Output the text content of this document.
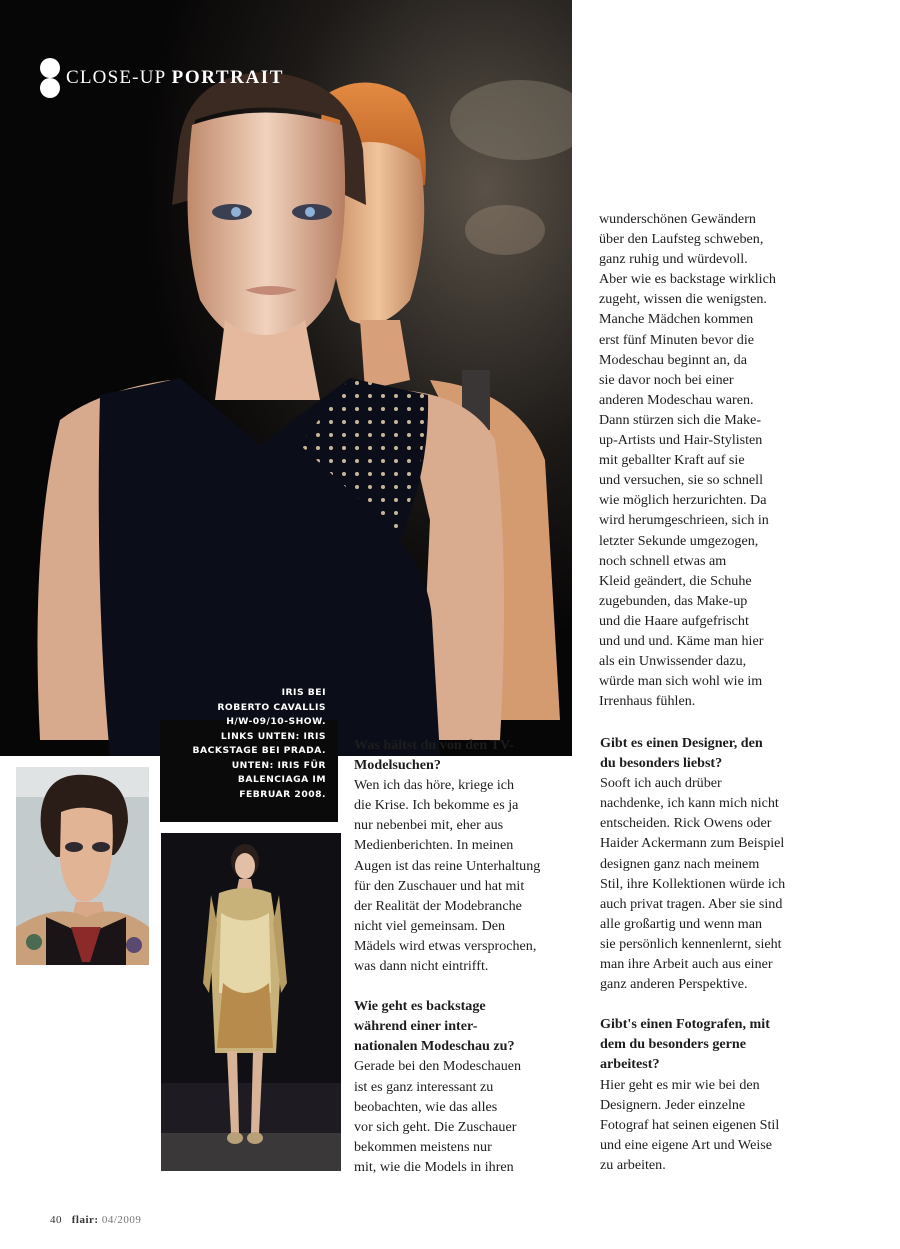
CLOSE-UP PORTRAIT
IRIS BEI
ROBERTO CAVALLIS
H/W-09/10-SHOW.
LINKS UNTEN: IRIS
BACKSTAGE BEI PRADA.
UNTEN: IRIS FÜR
BALENCIAGA IM
FEBRUAR 2008.

wunderschönen Gewändern

über den Laufsteg schweben,

ganz ruhig und würdevoll.

Aber wie es backstage wirklich

zugeht, wissen die wenigsten.

Manche Mädchen kommen

erst fünf Minuten bevor die

Modeschau beginnt an, da

sie davor noch bei einer

anderen Modeschau waren.

Dann stürzen sich die Make-

up-Artists und Hair-Stylisten

mit geballter Kraft auf sie

und versuchen, sie so schnell

wie möglich herzurichten. Da

wird herumgeschrieen, sich in

letzter Sekunde umgezogen,

noch schnell etwas am

Kleid geändert, die Schuhe

zugebunden, das Make-up

und die Haare aufgefrischt

und und und. Käme man hier

als ein Unwissender dazu,

würde man sich wohl wie im

Irrenhaus fühlen.

Was hältst du von den TV-

Modelsuchen?

Wen ich das höre, kriege ich

die Krise. Ich bekomme es ja

nur nebenbei mit, eher aus

Medienberichten. In meinen

Augen ist das reine Unterhaltung

für den Zuschauer und hat mit

der Realität der Modebranche

nicht viel gemeinsam. Den

Mädels wird etwas versprochen,

was dann nicht eintrifft.

Wie geht es backstage

während einer inter-

nationalen Modeschau zu?

Gerade bei den Modeschauen

ist es ganz interessant zu

beobachten, wie das alles

vor sich geht. Die Zuschauer

bekommen meistens nur

mit, wie die Models in ihren

Gibt es einen Designer, den

du besonders liebst?

Sooft ich auch drüber

nachdenke, ich kann mich nicht

entscheiden. Rick Owens oder

Haider Ackermann zum Beispiel

designen ganz nach meinem

Stil, ihre Kollektionen würde ich

auch privat tragen. Aber sie sind

alle großartig und wenn man

sie persönlich kennenlernt, sieht

man ihre Arbeit auch aus einer

ganz anderen Perspektive.

Gibt's einen Fotografen, mit

dem du besonders gerne

arbeitest?

Hier geht es mir wie bei den

Designern. Jeder einzelne

Fotograf hat seinen eigenen Stil

und eine eigene Art und Weise

zu arbeiten.

40 flair: 04/2009
